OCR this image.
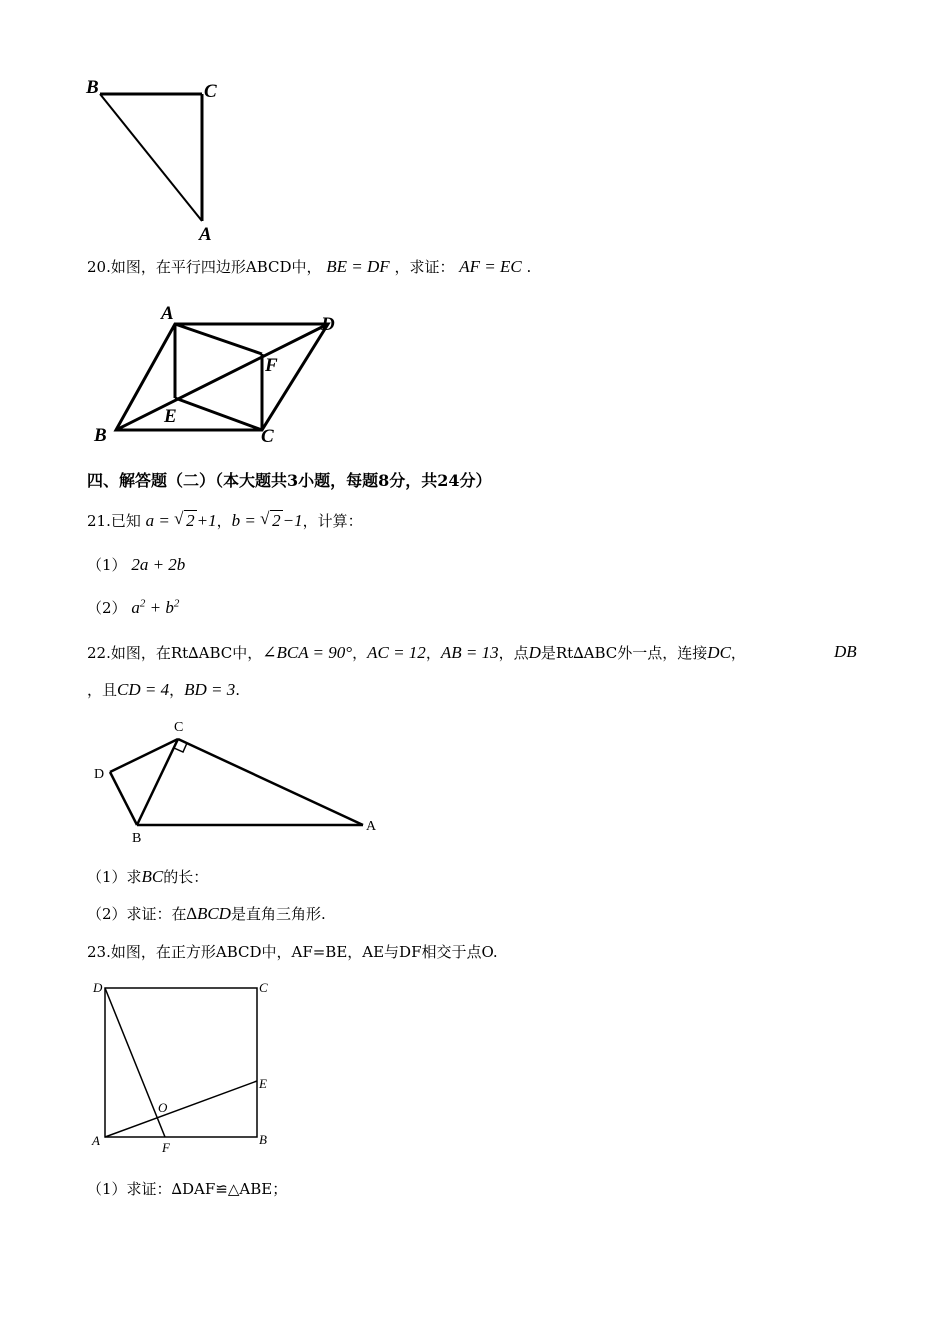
B	C
A
20.如图，在平行四边形ABCD中， BE = DF ，求证： AF = EC .
A
D
F
E
B	C
四、解答题（二）（本大题共3小题，每题8分，共24分）
21.已知 a = √ 2 +1，b = √ 2 −1，计算：
（1） 2a + 2b
（2） $a^2 + b^2$
22.如图，在Rt∆ABC中，∠BCA = 90°，AC = 12，AB = 13，点D是Rt∆ABC外一点，连接DC，	DB
，且CD = 4，BD = 3.
C
D
B
A
（1）求BC的长：
（2）求证：在∆BCD是直角三角形.
23.如图，在正方形ABCD中，AF=BE，AE与DF相交于点O.
D	C
E
O
A	F
B
（1）求证：∆DAF≌△ABE；
